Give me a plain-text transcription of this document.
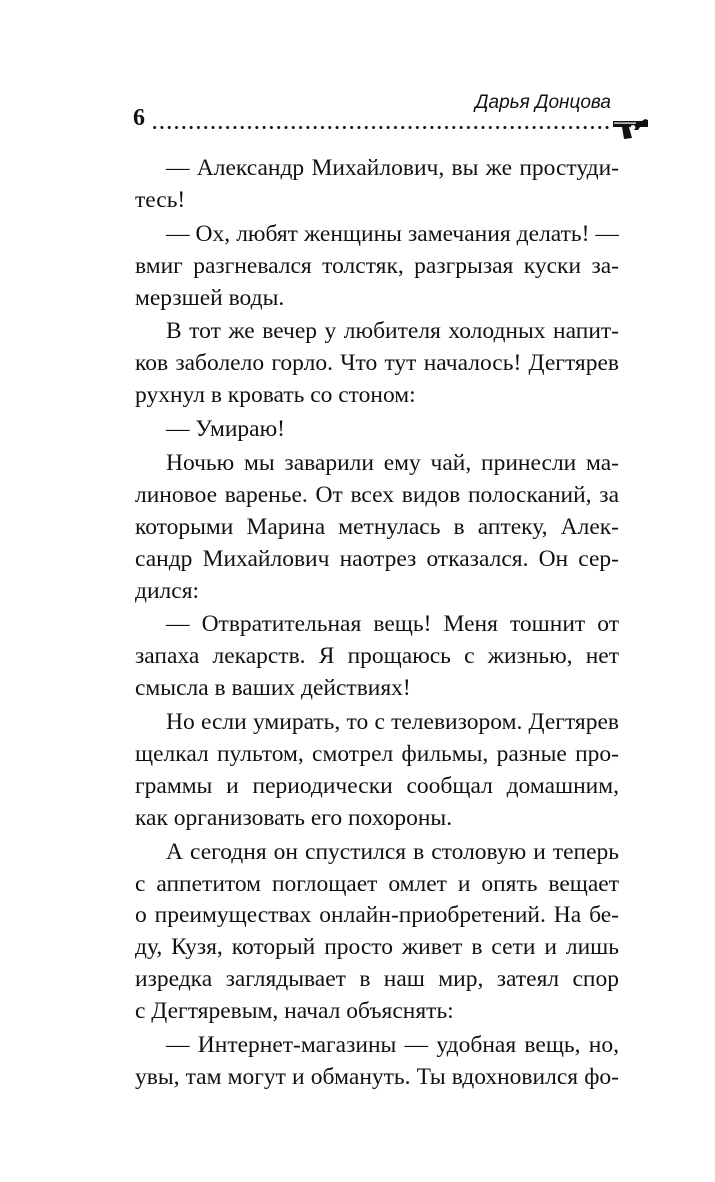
6
Дарья Донцова
— Александр Михайлович, вы же простуди-
тесь!
— Ох, любят женщины замечания делать! —
вмиг разгневался толстяк, разгрызая куски за-
мерзшей воды.
В тот же вечер у любителя холодных напит-
ков заболело горло. Что тут началось! Дегтярев
рухнул в кровать со стоном:
— Умираю!
Ночью мы заварили ему чай, принесли ма-
линовое варенье. От всех видов полосканий, за
которыми Марина метнулась в аптеку, Алек-
сандр Михайлович наотрез отказался. Он сер-
дился:
— Отвратительная вещь! Меня тошнит от
запаха лекарств. Я прощаюсь с жизнью, нет
смысла в ваших действиях!
Но если умирать, то с телевизором. Дегтярев
щелкал пультом, смотрел фильмы, разные про-
граммы и периодически сообщал домашним,
как организовать его похороны.
А сегодня он спустился в столовую и теперь
с аппетитом поглощает омлет и опять вещает
о преимуществах онлайн-приобретений. На бе-
ду, Кузя, который просто живет в сети и лишь
изредка заглядывает в наш мир, затеял спор
с Дегтяревым, начал объяснять:
— Интернет-магазины — удобная вещь, но,
увы, там могут и обмануть. Ты вдохновился фо-
